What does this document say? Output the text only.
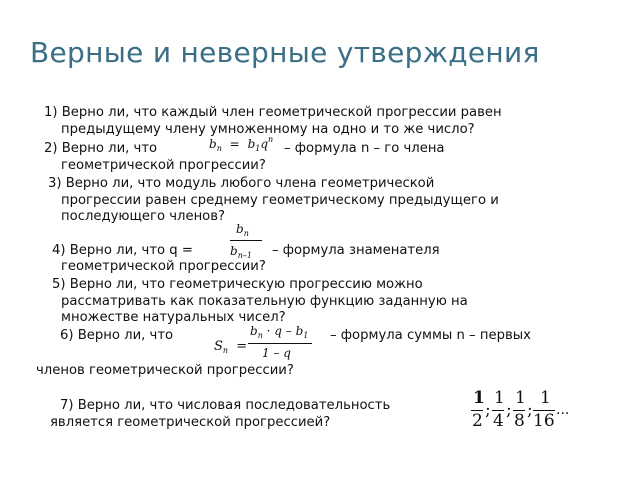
Верные и неверные утверждения
1) Верно ли, что каждый член геометрической прогрессии равен
предыдущему члену умноженному на одно и то же число?
2) Верно ли, что	$b_n = b_1q^n$
– формула n – го члена
геометрической прогрессии?
3) Верно ли, что модуль любого члена геометрической
прогрессии равен среднему геометрическому предыдущего и
последующего членов?
4) Верно ли, что q =
$b_n$
$b_{n-1}$ – формула знаменателя
геометрической прогрессии?
5) Верно ли, что геометрическую прогрессию можно
рассматривать как показательную функцию заданную на
множестве натуральных чисел?
6) Верно ли, что
$S_n$ =
$b_n \cdot q - b_1$
1 – q
– формула суммы n – первых
членов геометрической прогрессии?
7) Верно ли, что числовая последовательность
является геометрической прогрессией?
1
2
;
1
4
;
1
8
;
1
16
...
